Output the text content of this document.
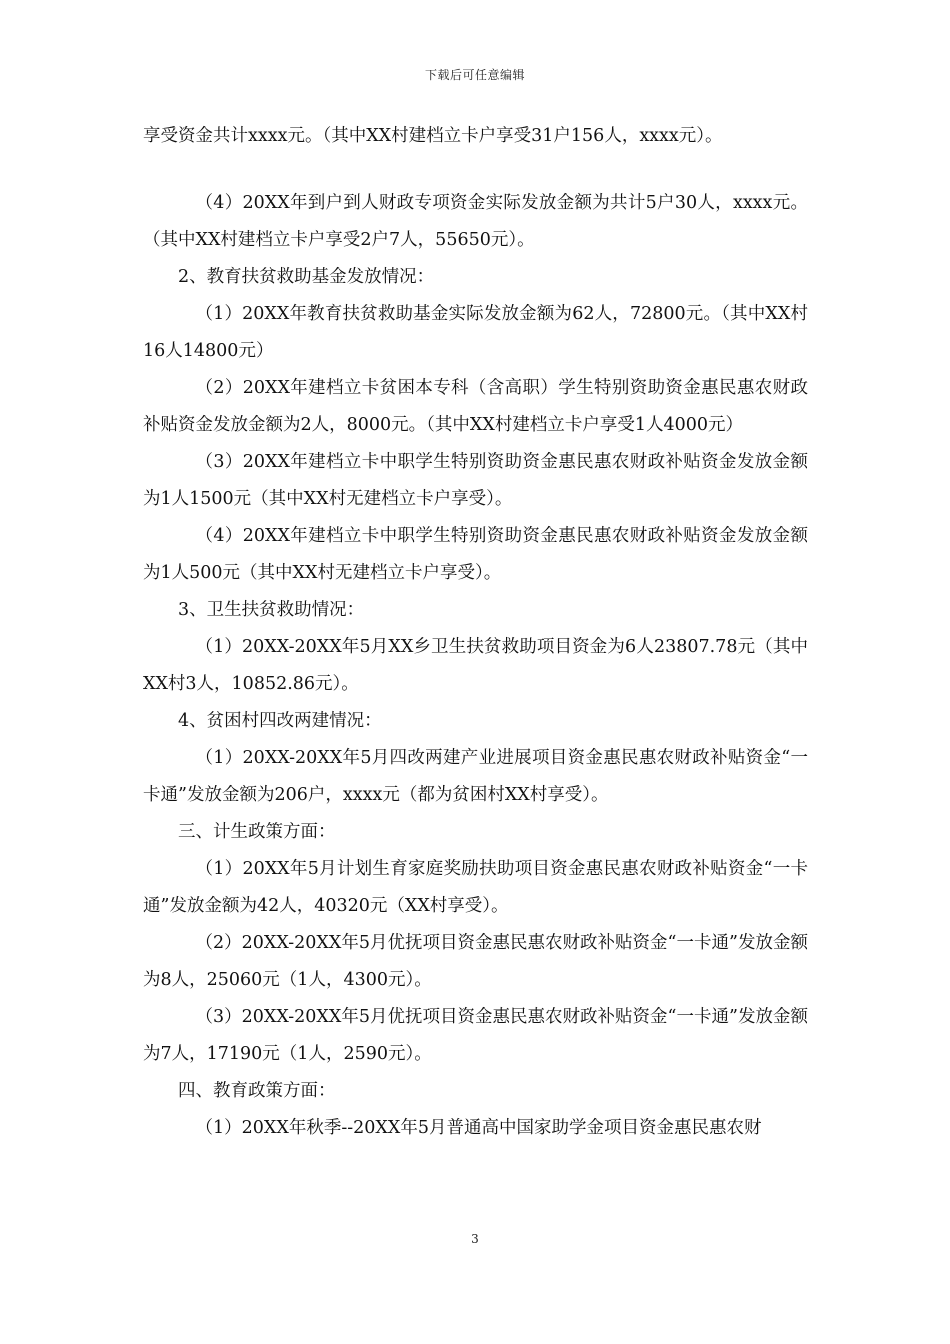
下载后可任意编辑

享受资金共计xxxx元。（其中XX村建档立卡户享受31户156人，xxxx元）。

（4）20XX年到户到人财政专项资金实际发放金额为共计5户30人，xxxx元。（其中XX村建档立卡户享受2户7人，55650元）。

2、教育扶贫救助基金发放情况：

（1）20XX年教育扶贫救助基金实际发放金额为62人，72800元。（其中XX村16人14800元）

（2）20XX年建档立卡贫困本专科（含高职）学生特别资助资金惠民惠农财政补贴资金发放金额为2人，8000元。（其中XX村建档立卡户享受1人4000元）

（3）20XX年建档立卡中职学生特别资助资金惠民惠农财政补贴资金发放金额为1人1500元（其中XX村无建档立卡户享受）。

（4）20XX年建档立卡中职学生特别资助资金惠民惠农财政补贴资金发放金额为1人500元（其中XX村无建档立卡户享受）。

3、卫生扶贫救助情况：

（1）20XX-20XX年5月XX乡卫生扶贫救助项目资金为6人23807.78元（其中XX村3人，10852.86元）。

4、贫困村四改两建情况：

（1）20XX-20XX年5月四改两建产业进展项目资金惠民惠农财政补贴资金“一卡通”发放金额为206户，xxxx元（都为贫困村XX村享受）。

三、计生政策方面：

（1）20XX年5月计划生育家庭奖励扶助项目资金惠民惠农财政补贴资金“一卡通”发放金额为42人，40320元（XX村享受）。

（2）20XX-20XX年5月优抚项目资金惠民惠农财政补贴资金“一卡通”发放金额为8人，25060元（1人，4300元）。

（3）20XX-20XX年5月优抚项目资金惠民惠农财政补贴资金“一卡通”发放金额为7人，17190元（1人，2590元）。

四、教育政策方面：

（1）20XX年秋季--20XX年5月普通高中国家助学金项目资金惠民惠农财

3
